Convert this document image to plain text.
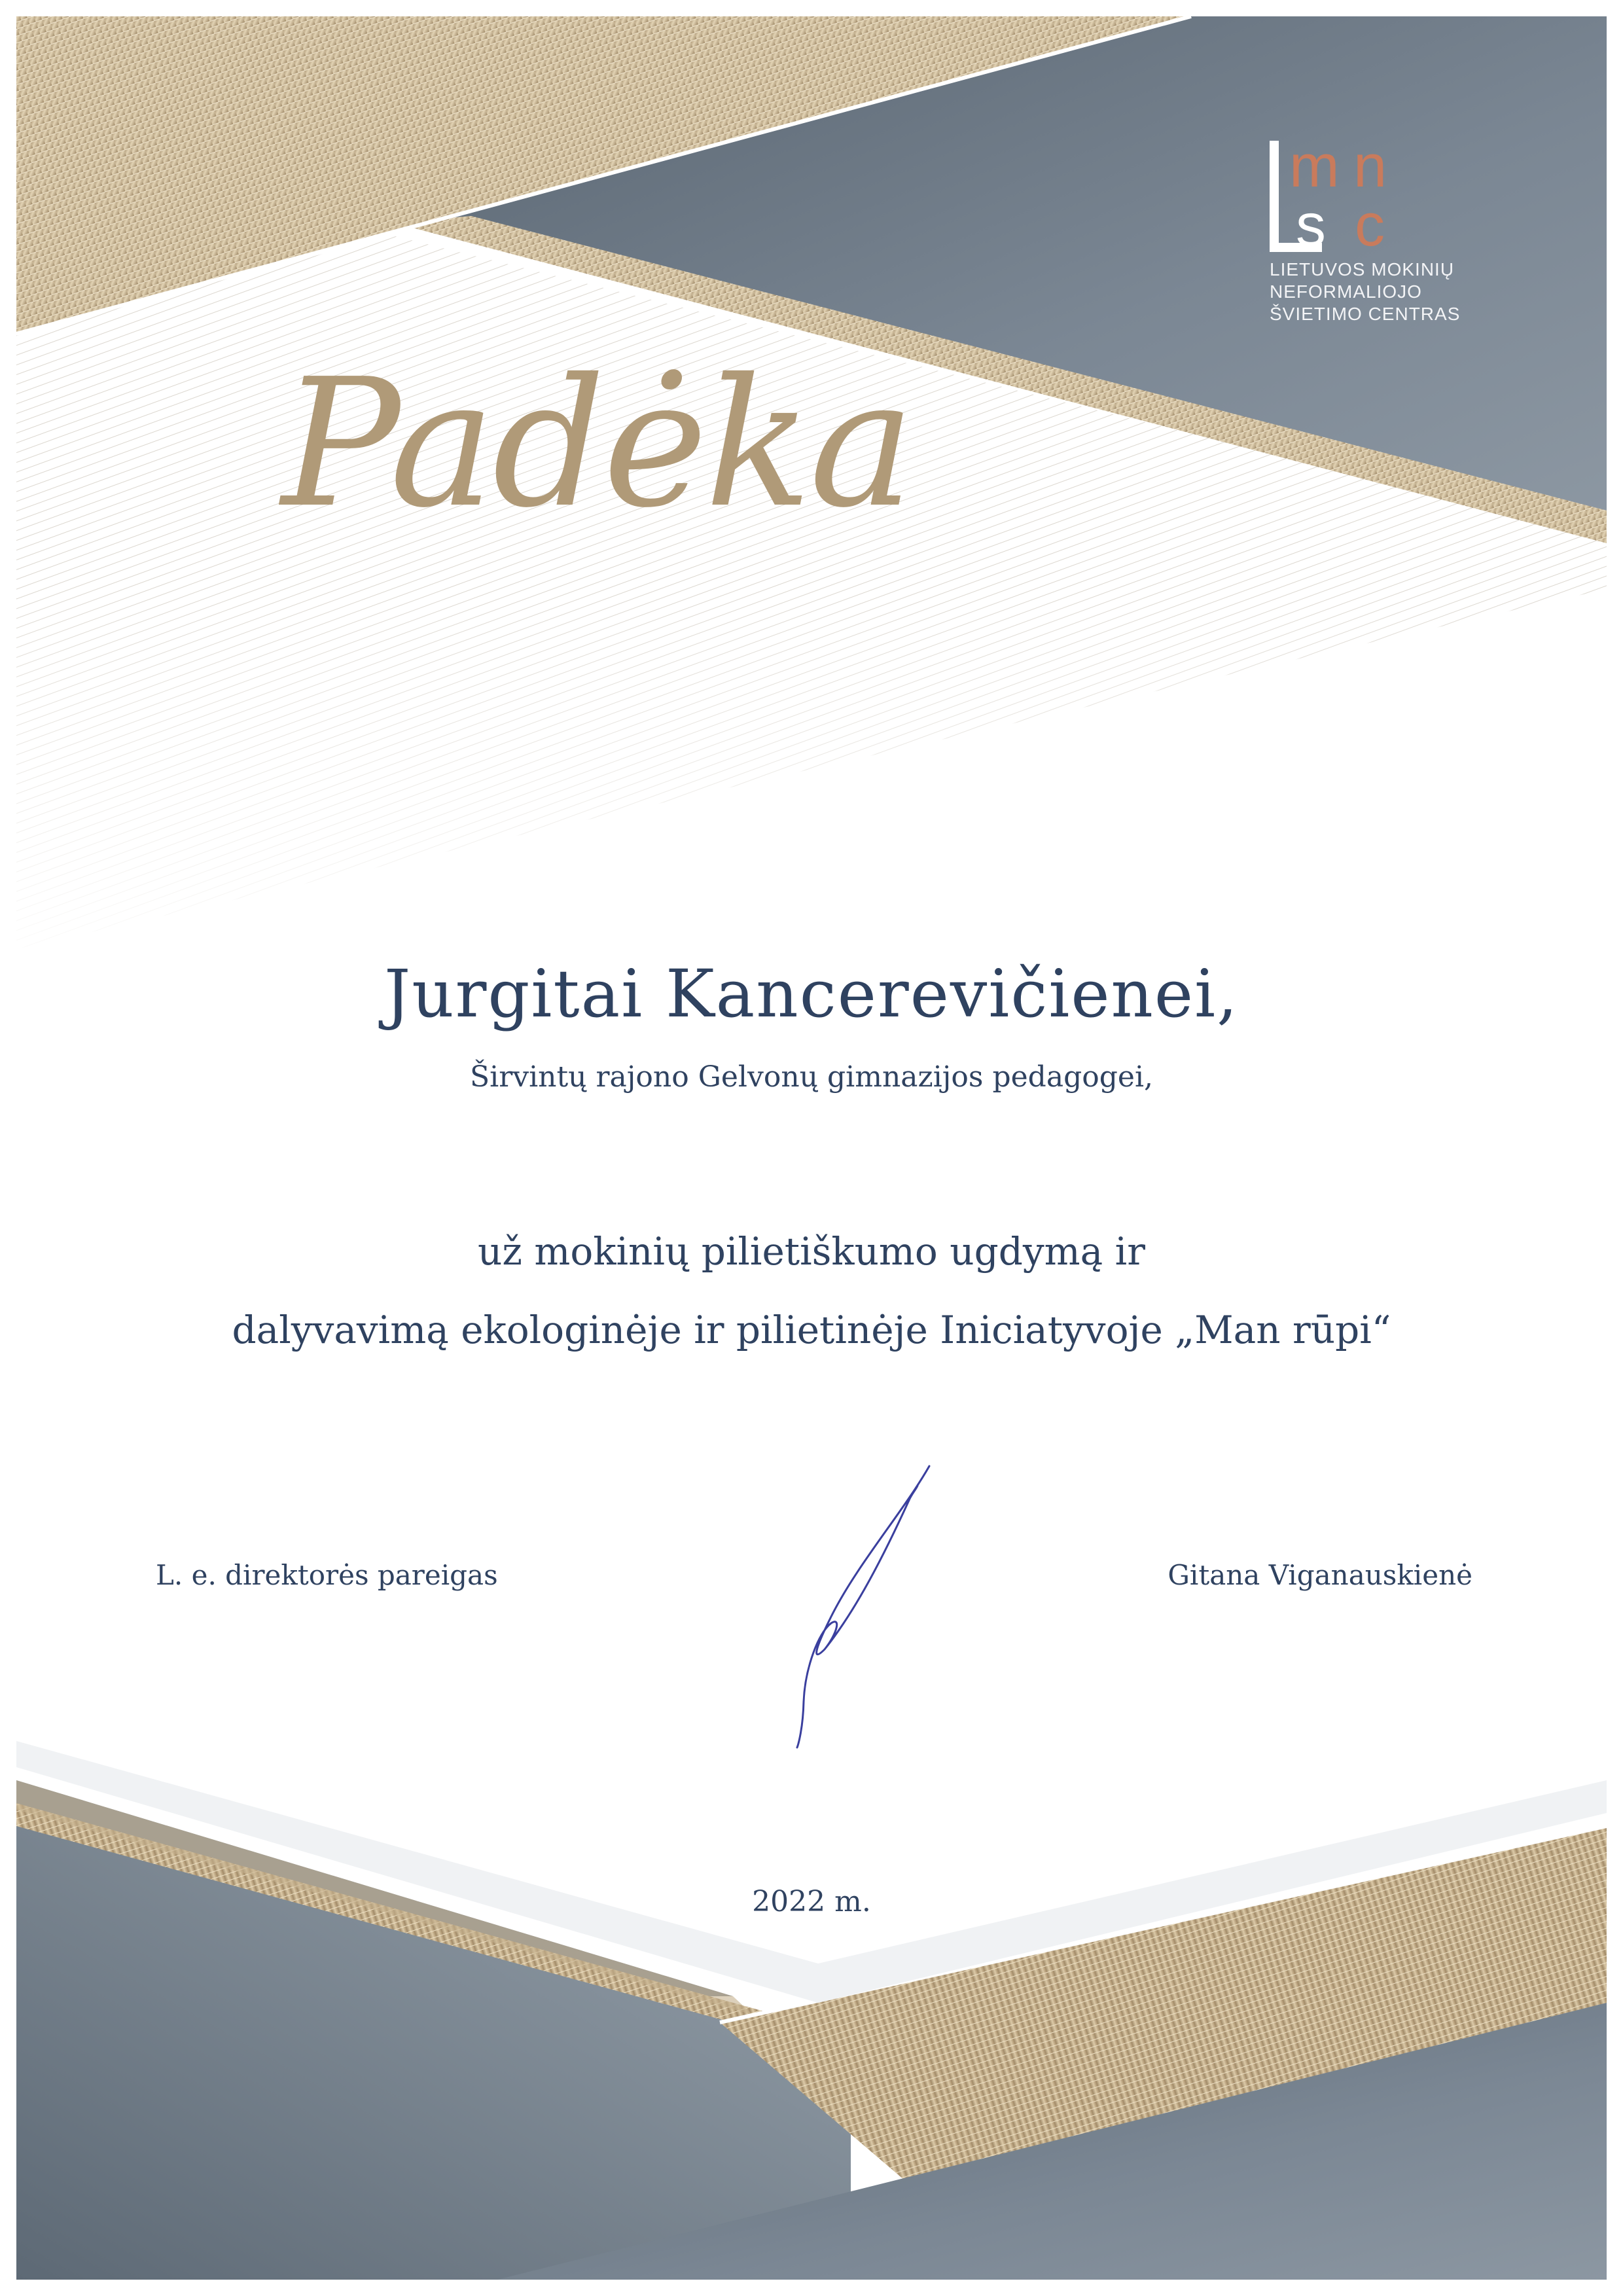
m n
s c
LIETUVOS MOKINIŲ
NEFORMALIOJO
ŠVIETIMO CENTRAS
Padėka
Jurgitai Kancerevičienei,
Širvintų rajono Gelvonų gimnazijos pedagogei,
už mokinių pilietiškumo ugdymą ir
dalyvavimą ekologinėje ir pilietinėje Iniciatyvoje „Man rūpi“
L. e. direktorės pareigas	Gitana Viganauskienė
2022 m.
